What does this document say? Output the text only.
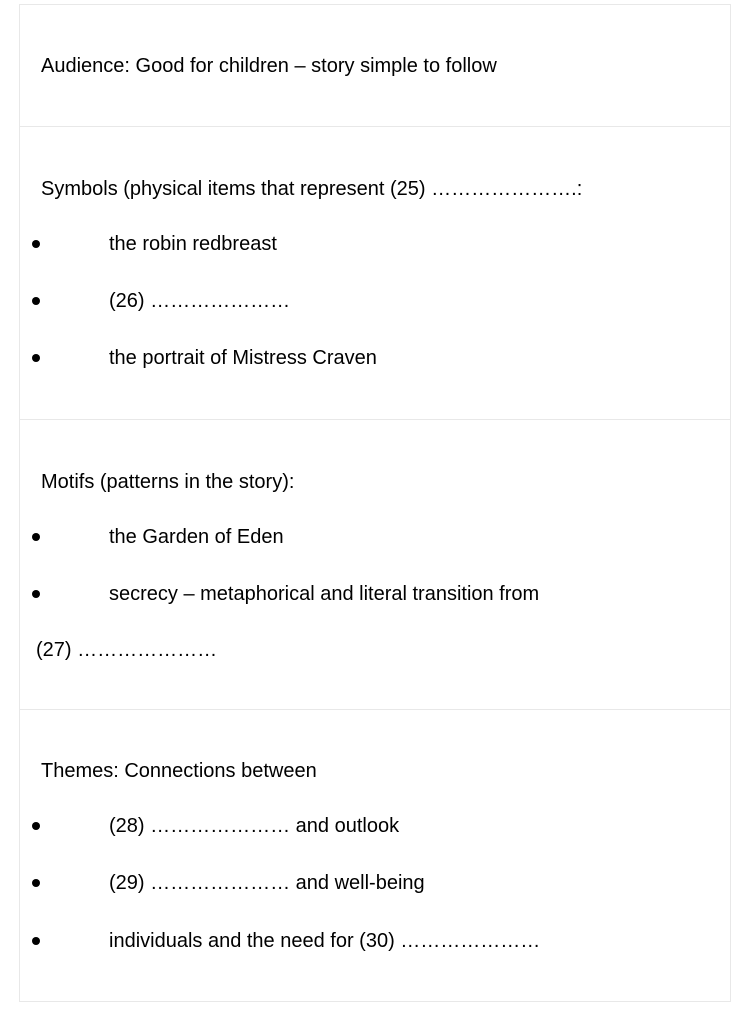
Audience: Good for children – story simple to follow
Symbols (physical items that represent (25) ………………….:
the robin redbreast
(26) …………………
the portrait of Mistress Craven
Motifs (patterns in the story):
the Garden of Eden
secrecy – metaphorical and literal transition from
(27) …………………
Themes: Connections between
(28) ………………… and outlook
(29) ………………… and well-being
individuals and the need for (30) …………………
